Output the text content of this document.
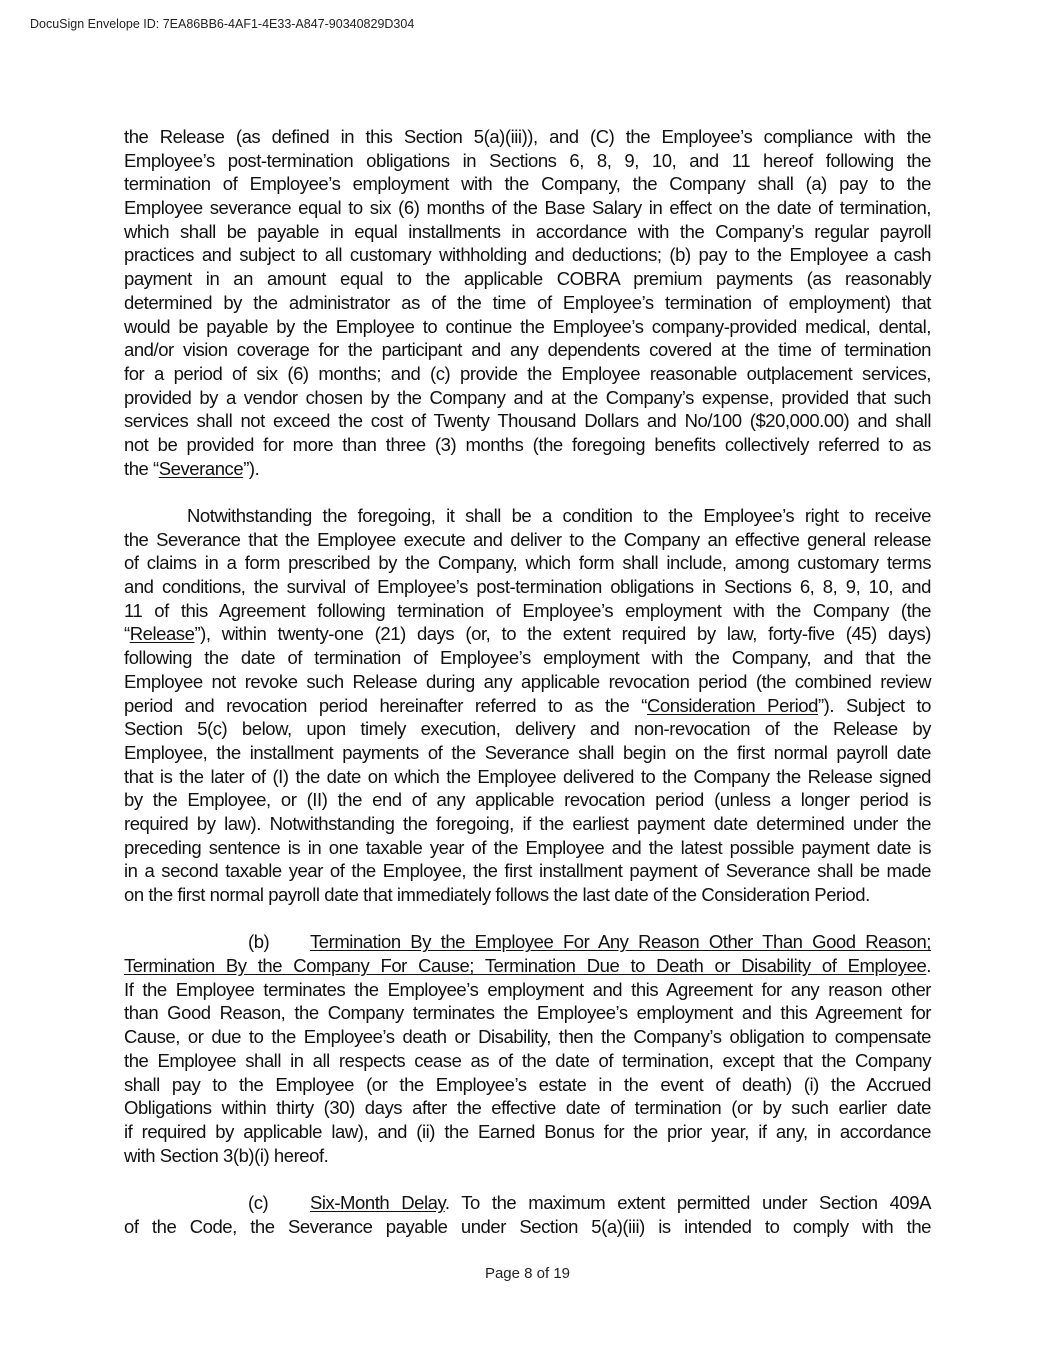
DocuSign Envelope ID: 7EA86BB6-4AF1-4E33-A847-90340829D304
the Release (as defined in this Section 5(a)(iii)), and (C) the Employee’s compliance with the
Employee’s post-termination obligations in Sections 6, 8, 9, 10, and 11 hereof following the
termination of Employee’s employment with the Company, the Company shall (a) pay to the
Employee severance equal to six (6) months of the Base Salary in effect on the date of termination,
which shall be payable in equal installments in accordance with the Company’s regular payroll
practices and subject to all customary withholding and deductions; (b) pay to the Employee a cash
payment in an amount equal to the applicable COBRA premium payments (as reasonably
determined by the administrator as of the time of Employee’s termination of employment) that
would be payable by the Employee to continue the Employee’s company-provided medical, dental,
and/or vision coverage for the participant and any dependents covered at the time of termination
for a period of six (6) months; and (c) provide the Employee reasonable outplacement services,
provided by a vendor chosen by the Company and at the Company’s expense, provided that such
services shall not exceed the cost of Twenty Thousand Dollars and No/100 ($20,000.00) and shall
not be provided for more than three (3) months (the foregoing benefits collectively referred to as
the “Severance”).
Notwithstanding the foregoing, it shall be a condition to the Employee’s right to receive
the Severance that the Employee execute and deliver to the Company an effective general release
of claims in a form prescribed by the Company, which form shall include, among customary terms
and conditions, the survival of Employee’s post-termination obligations in Sections 6, 8, 9, 10, and
11 of this Agreement following termination of Employee’s employment with the Company (the
“Release”), within twenty-one (21) days (or, to the extent required by law, forty-five (45) days)
following the date of termination of Employee’s employment with the Company, and that the
Employee not revoke such Release during any applicable revocation period (the combined review
period and revocation period hereinafter referred to as the “Consideration Period”). Subject to
Section 5(c) below, upon timely execution, delivery and non-revocation of the Release by
Employee, the installment payments of the Severance shall begin on the first normal payroll date
that is the later of (I) the date on which the Employee delivered to the Company the Release signed
by the Employee, or (II) the end of any applicable revocation period (unless a longer period is
required by law). Notwithstanding the foregoing, if the earliest payment date determined under the
preceding sentence is in one taxable year of the Employee and the latest possible payment date is
in a second taxable year of the Employee, the first installment payment of Severance shall be made
on the first normal payroll date that immediately follows the last date of the Consideration Period.
(b) Termination By the Employee For Any Reason Other Than Good Reason;
Termination By the Company For Cause; Termination Due to Death or Disability of Employee.
If the Employee terminates the Employee’s employment and this Agreement for any reason other
than Good Reason, the Company terminates the Employee’s employment and this Agreement for
Cause, or due to the Employee’s death or Disability, then the Company’s obligation to compensate
the Employee shall in all respects cease as of the date of termination, except that the Company
shall pay to the Employee (or the Employee’s estate in the event of death) (i) the Accrued
Obligations within thirty (30) days after the effective date of termination (or by such earlier date
if required by applicable law), and (ii) the Earned Bonus for the prior year, if any, in accordance
with Section 3(b)(i) hereof.
(c) Six-Month Delay. To the maximum extent permitted under Section 409A
of the Code, the Severance payable under Section 5(a)(iii) is intended to comply with the
Page 8 of 19
